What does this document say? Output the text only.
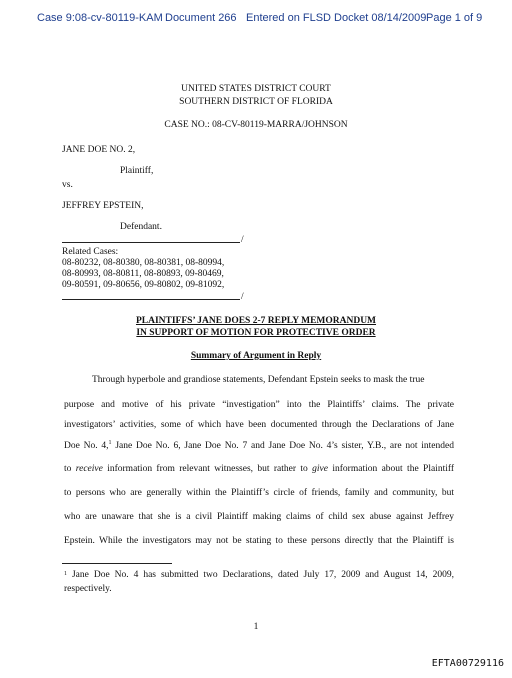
Case 9:08-cv-80119-KAM Document 266 Entered on FLSD Docket 08/14/2009 Page 1 of 9
UNITED STATES DISTRICT COURT
SOUTHERN DISTRICT OF FLORIDA
CASE NO.: 08-CV-80119-MARRA/JOHNSON
JANE DOE NO. 2,
Plaintiff,
vs.
JEFFREY EPSTEIN,
Defendant.
/
Related Cases:
08-80232, 08-80380, 08-80381, 08-80994,
08-80993, 08-80811, 08-80893, 09-80469,
09-80591, 09-80656, 09-80802, 09-81092,
/
PLAINTIFFS’ JANE DOES 2-7 REPLY MEMORANDUM
IN SUPPORT OF MOTION FOR PROTECTIVE ORDER
Summary of Argument in Reply
Through hyperbole and grandiose statements, Defendant Epstein seeks to mask the true
purpose and motive of his private “investigation” into the Plaintiffs’ claims. The private
investigators’ activities, some of which have been documented through the Declarations of Jane
Doe No. 4,$^1$ Jane Doe No. 6, Jane Doe No. 7 and Jane Doe No. 4’s sister, Y.B., are not intended
to receive information from relevant witnesses, but rather to give information about the Plaintiff
to persons who are generally within the Plaintiff’s circle of friends, family and community, but
who are unaware that she is a civil Plaintiff making claims of child sex abuse against Jeffrey
Epstein. While the investigators may not be stating to these persons directly that the Plaintiff is
$^1$ Jane Doe No. 4 has submitted two Declarations, dated July 17, 2009 and August 14, 2009, respectively.
1
EFTA00729116
